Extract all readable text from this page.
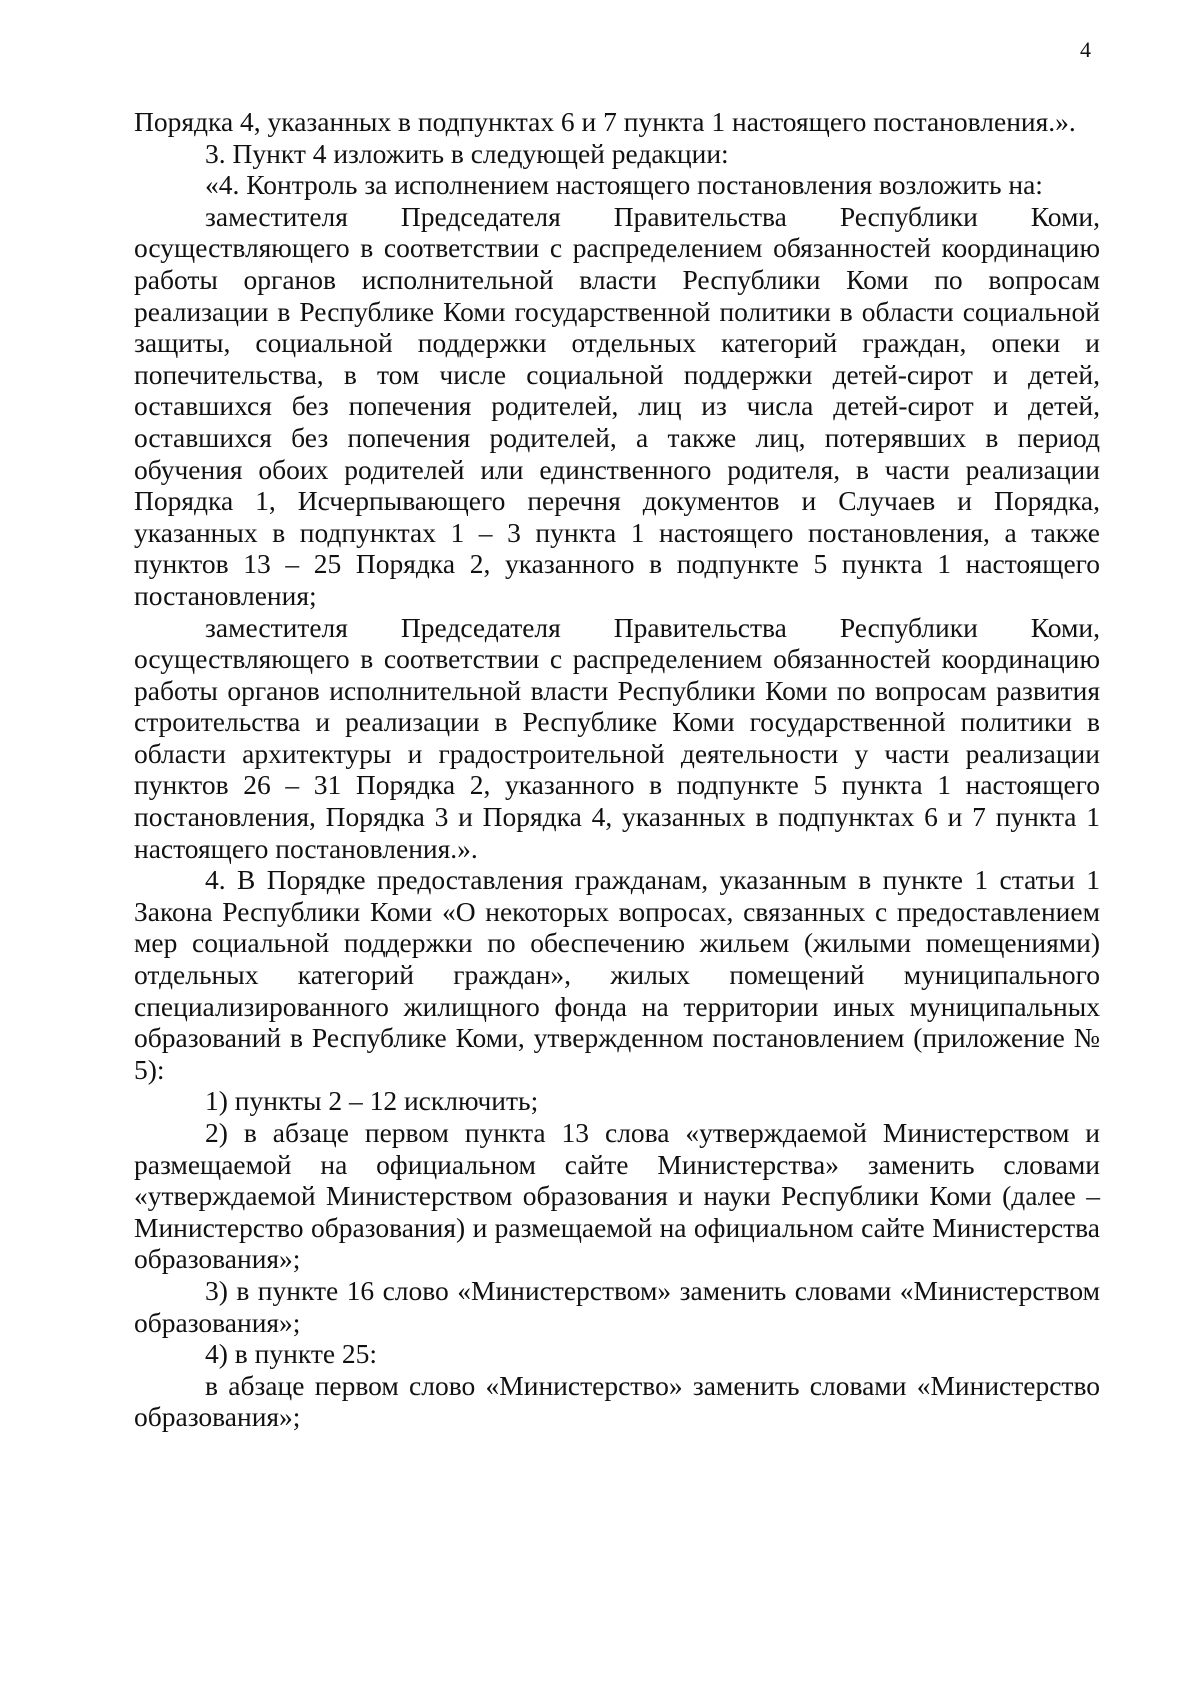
4

Порядка 4, указанных в подпунктах 6 и 7 пункта 1 настоящего постановления.».

3. Пункт 4 изложить в следующей редакции:

«4. Контроль за исполнением настоящего постановления возложить на:

заместителя Председателя Правительства Республики Коми, осуществляющего в соответствии с распределением обязанностей координацию работы органов исполнительной власти Республики Коми по вопросам реализации в Республике Коми государственной политики в области социальной защиты, социальной поддержки отдельных категорий граждан, опеки и попечительства, в том числе социальной поддержки детей-сирот и детей, оставшихся без попечения родителей, лиц из числа детей-сирот и детей, оставшихся без попечения родителей, а также лиц, потерявших в период обучения обоих родителей или единственного родителя, в части реализации Порядка 1, Исчерпывающего перечня документов и Случаев и Порядка, указанных в подпунктах 1 – 3 пункта 1 настоящего постановления, а также пунктов 13 – 25 Порядка 2, указанного в подпункте 5 пункта 1 настоящего постановления;

заместителя Председателя Правительства Республики Коми, осуществляющего в соответствии с распределением обязанностей координацию работы органов исполнительной власти Республики Коми по вопросам развития строительства и реализации в Республике Коми государственной политики в области архитектуры и градостроительной деятельности у части реализации пунктов 26 – 31 Порядка 2, указанного в подпункте 5 пункта 1 настоящего постановления, Порядка 3 и Порядка 4, указанных в подпунктах 6 и 7 пункта 1 настоящего постановления.».

4. В Порядке предоставления гражданам, указанным в пункте 1 статьи 1 Закона Республики Коми «О некоторых вопросах, связанных с предоставлением мер социальной поддержки по обеспечению жильем (жилыми помещениями) отдельных категорий граждан», жилых помещений муниципального специализированного жилищного фонда на территории иных муниципальных образований в Республике Коми, утвержденном постановлением (приложение № 5):

1) пункты 2 – 12 исключить;

2) в абзаце первом пункта 13 слова «утверждаемой Министерством и размещаемой на официальном сайте Министерства» заменить словами «утверждаемой Министерством образования и науки Республики Коми (далее – Министерство образования) и размещаемой на официальном сайте Министерства образования»;

3) в пункте 16 слово «Министерством» заменить словами «Министерством образования»;

4) в пункте 25:

в абзаце первом слово «Министерство» заменить словами «Министерство образования»;
